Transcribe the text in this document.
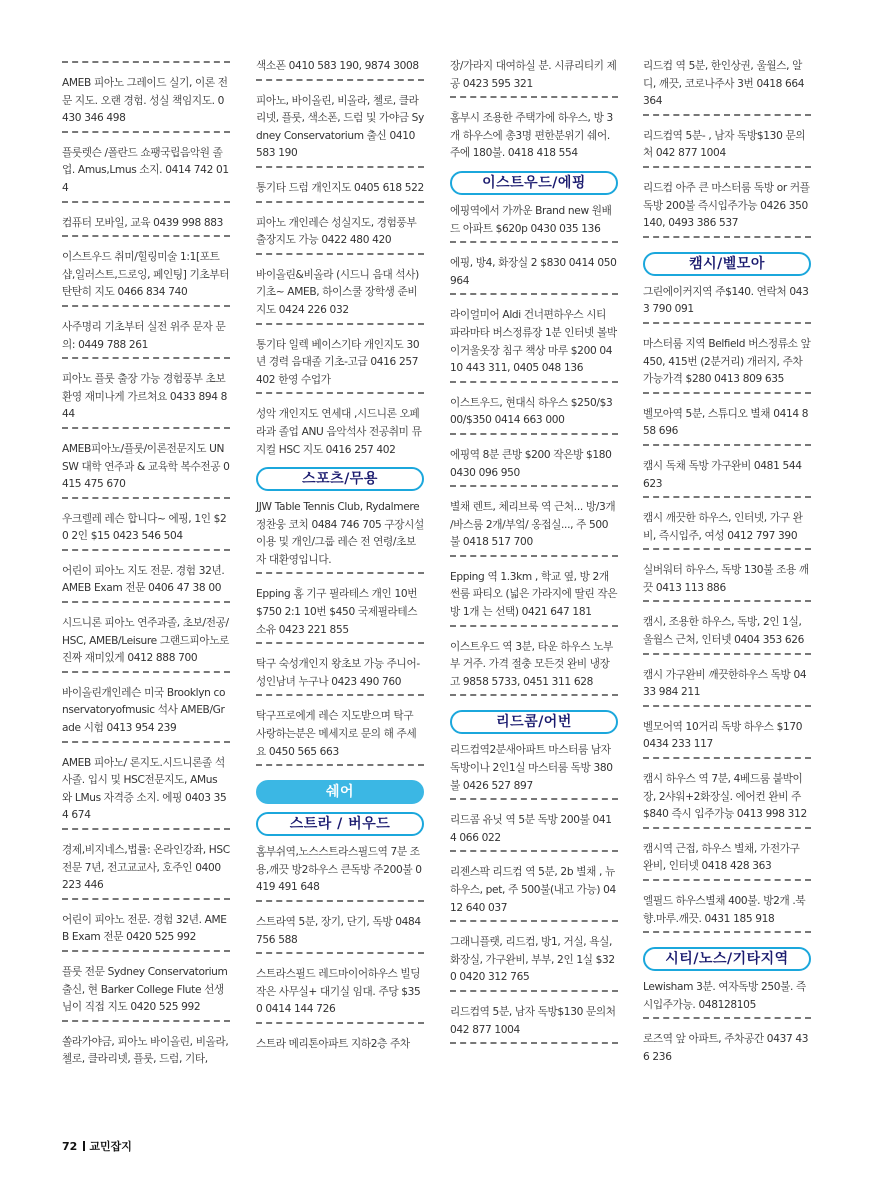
AMEB 피아노 그레이드 실기, 이론 전문 지도. 오랜 경험. 성실 책임지도. 0430 346 498
플룻렛슨 /폴란드 쇼팽국립음악원 졸업. Amus,Lmus 소지. 0414 742 014
컴퓨터 모바일, 교육 0439 998 883
이스트우드 취미/힐링미술 1:1[포트샵,일러스트,드로잉, 페인팅] 기초부터 탄탄히 지도 0466 834 740
사주명리 기초부터 실전 위주 문자 문의: 0449 788 261
피아노 플룻 출장 가능 경험풍부 초보환영 재미나게 가르쳐요 0433 894 844
AMEB피아노/플룻/이론전문지도 UNSW 대학 연주과 & 교육학 복수전공 0415 475 670
우크렐레 레슨 합니다~ 에핑, 1인 $20 2인 $15 0423 546 504
어린이 피아노 지도 전문. 경험 32년. AMEB Exam 전문 0406 47 38 00
시드니론 피아노 연주과졸, 초보/전공/HSC, AMEB/Leisure 그랜드피아노로진짜 재미있게 0412 888 700
바이올린개인레슨 미국 Brooklyn conservatoryofmusic 석사 AMEB/Grade 시험 0413 954 239
AMEB 피아노/ 론지도.시드니론졸 석사졸. 입시 및 HSC전문지도, AMus 와 LMus 자격증 소지. 에핑 0403 354 674
경제,비지네스,법률: 온라인강좌, HSC전문 7년, 전고교교사, 호주인 0400 223 446
어린이 피아노 전문. 경험 32년. AMEB Exam 전문 0420 525 992
플룻 전문 Sydney Conservatorium 출신, 현 Barker College Flute 선생님이 직접 지도 0420 525 992
쏠라가야금, 피아노 바이올린, 비올라, 첼로, 클라리넷, 플룻, 드럼, 기타,
색소폰 0410 583 190, 9874 3008
피아노, 바이올린, 비올라, 첼로, 클라리넷, 플룻, 색소폰, 드럼 및 가야금 Sydney Conservatorium 출신 0410 583 190
통기타 드럼 개인지도 0405 618 522
피아노 개인레슨 성실지도, 경험풍부 출장지도 가능 0422 480 420
바이올린&비올라 (시드니 음대 석사)기초~ AMEB, 하이스쿨 장학생 준비지도 0424 226 032
통기타 일렉 베이스기타 개인지도 30년 경력 음대졸 기초-고급 0416 257 402 한영 수업가
성악 개인지도 연세대 ,시드니론 오페라과 졸업 ANU 음악석사 전공취미 뮤지컬 HSC 지도 0416 257 402
스포츠/무용
JJW Table Tennis Club, Rydalmere정찬웅 코치 0484 746 705 구장시설 이용 및 개인/그룹 레슨 전 연령/초보자 대환영입니다.
Epping 홈 기구 필라테스 개인 10번 $750 2:1 10번 $450 국제필라테스 소유 0423 221 855
탁구 숙성개인지 왕초보 가능 주니어-성인남녀 누구나 0423 490 760
탁구프로에게 레슨 지도받으며 탁구 사랑하는분은 메세지로 문의 해 주세요 0450 565 663
쉐어
스트라 / 버우드
홈부쉬역,노스스트라스필드역 7분 조용,깨끗 방2하우스 큰독방 주200불 0419 491 648
스트라역 5분, 장기, 단기, 독방 0484 756 588
스트라스필드 레드마이어하우스 빌딩 작은 사무실+ 대기실 임대. 주당 $350 0414 144 726
스트라 메리톤아파트 지하2층 주차
장/가라지 대여하실 분. 시큐리티키 제공 0423 595 321
홈부시 조용한 주택가에 하우스, 방 3개 하우스에 총3명 편한분위기 쉐어. 주에 180불. 0418 418 554
이스트우드/에핑
에핑역에서 가까운 Brand new 원배드 아파트 $620p 0430 035 136
에핑, 방4, 화장실 2 $830 0414 050 964
라이얼미어 Aldi 건너편하우스 시티 파라마타 버스정류장 1분 인터넷 볼박이거울옷장 침구 책상 마루 $200 0410 443 311, 0405 048 136
이스트우드, 현대식 하우스 $250/$300/$350 0414 663 000
에핑역 8분 큰방 $200 작은방 $180 0430 096 950
별채 렌트, 체리브룩 역 근처... 방/3개 /바스룸 2개/부엌/ 옹접실..., 주 500불 0418 517 700
Epping 역 1.3km , 학교 옆, 방 2개 썬룸 파티오 (넓은 가라지에 딸린 작은 방 1개 는 선택) 0421 647 181
이스트우드 역 3분, 타운 하우스 노부부 거주. 가격 절충 모든것 완비 냉장고 9858 5733, 0451 311 628
리드콤/어번
리드컴역2분새아파트 마스터룸 남자 독방이나 2인1실 마스터룸 독방 380불 0426 527 897
리드콤 유닛 역 5분 독방 200불 0414 066 022
리젠스팍 리드컴 역 5분, 2b 별채 , 뉴 하우스, pet, 주 500불(내고 가능) 0412 640 037
그래니플랫, 리드컴, 방1, 거실, 욕실, 화장실, 가구완비, 부부, 2인 1실 $320 0420 312 765
리드컴역 5분, 남자 독방$130 문의처 042 877 1004
리드컴 역 5분, 한인상권, 울월스, 알디, 깨끗, 코로나주사 3번 0418 664 364
리드컴역 5분- , 남자 독방$130 문의처 042 877 1004
리드컴 아주 큰 마스터룸 독방 or 커플 독방 200불 즉시입주가능 0426 350 140, 0493 386 537
캠시/벨모아
그린에이커지역 주$140. 연락처 0433 790 091
마스터룸 지역 Belfield 버스정류소 앞 450, 415번 (2분거리) 개러지, 주차가능가격 $280 0413 809 635
벨모아역 5분, 스튜디오 별채 0414 858 696
캠시 독채 독방 가구완비 0481 544 623
캠시 깨끗한 하우스, 인터넷, 가구 완비, 즉시입주, 여성 0412 797 390
실버워터 하우스, 독방 130불 조용 깨끗 0413 113 886
캠시, 조용한 하우스, 독방, 2인 1실, 울월스 근처, 인터넷 0404 353 626
캠시 가구완비 깨끗한하우스 독방 0433 984 211
벨모어역 10거리 독방 하우스 $170 0434 233 117
캠시 하우스 역 7분, 4베드룸 붙박이장, 2샤워+2화장실. 에어컨 완비 주 $840 즉시 입주가능 0413 998 312
캠시역 근접, 하우스 별채, 가전가구 완비, 인터넷 0418 428 363
엘필드 하우스별채 400불. 방2개 .북향.마루.깨끗. 0431 185 918
시티/노스/기타지역
Lewisham 3분. 여자독방 250불. 즉시입주가능. 048128105
로즈역 앞 아파트, 주차공간 0437 436 236
72 교민잡지
